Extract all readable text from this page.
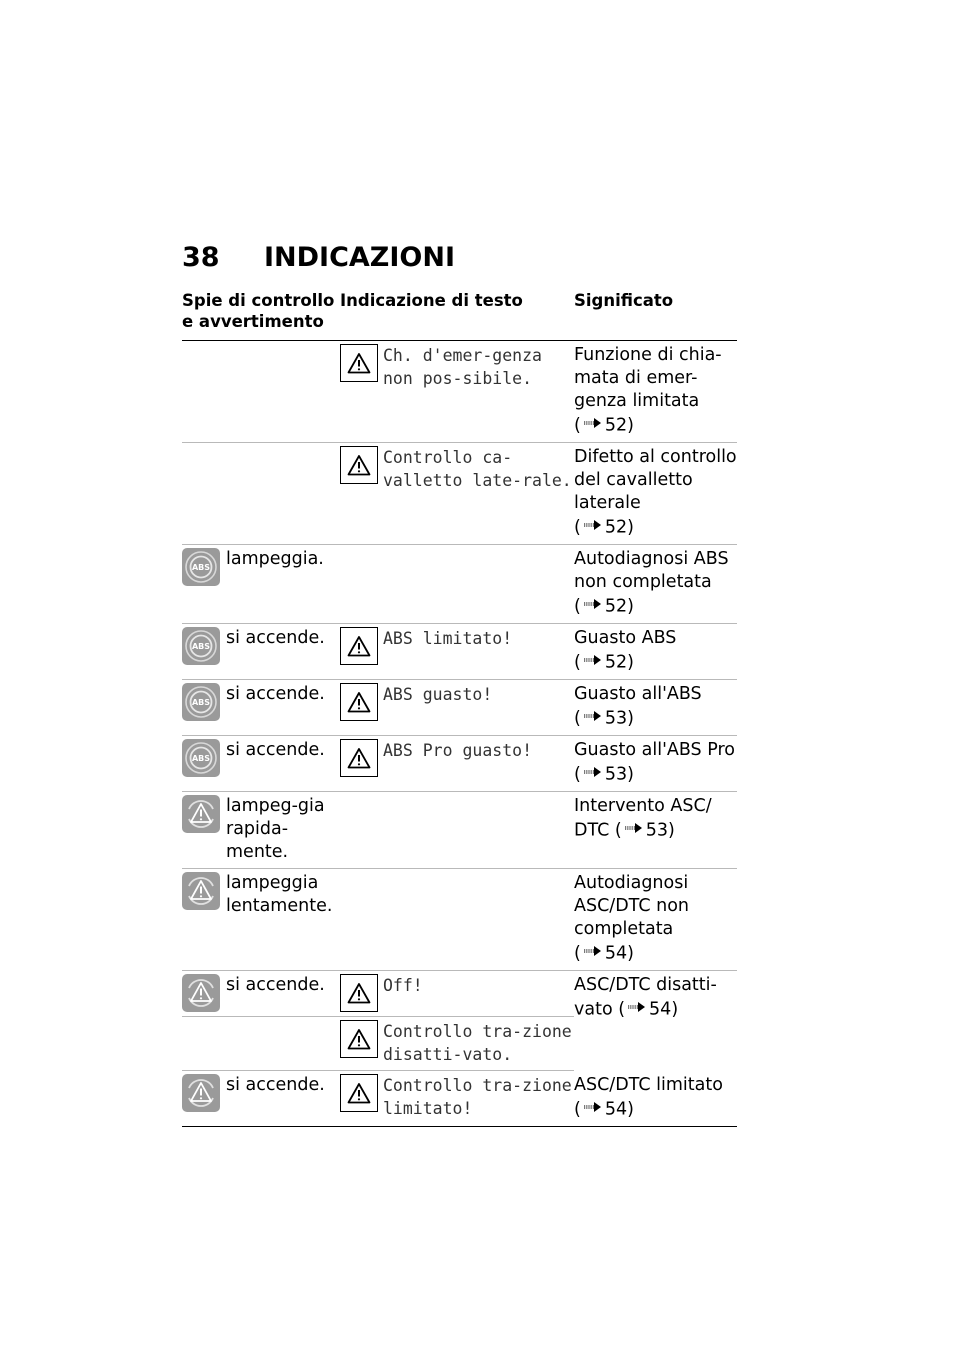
38 INDICAZIONI
Spie di controllo e avvertimento	Indicazione di testo	Significato

	Ch. d'emer-genza non pos-sibile.	Funzione di chia-mata di emer-genza limitata
( 52)

	Controllo ca-valletto late-rale.	Difetto al controllo del cavalletto laterale
( 52)

ABS lampeggia.		Autodiagnosi ABS non completata
( 52)

ABS si accende.	ABS limitato!	Guasto ABS
( 52)

ABS si accende.	ABS guasto!	Guasto all'ABS
( 53)

ABS si accende.	ABS Pro guasto!	Guasto all'ABS Pro ( 53)

lampeg-gia rapida-mente.		Intervento ASC/ DTC ( 53)

lampeggia lentamente.		Autodiagnosi ASC/DTC non completata
( 54)

si accende.	Off!	ASC/DTC disatti-vato ( 54)

	Controllo tra-zione disatti-vato.	

si accende.	Controllo tra-zione limitato!	ASC/DTC limitato
( 54)
